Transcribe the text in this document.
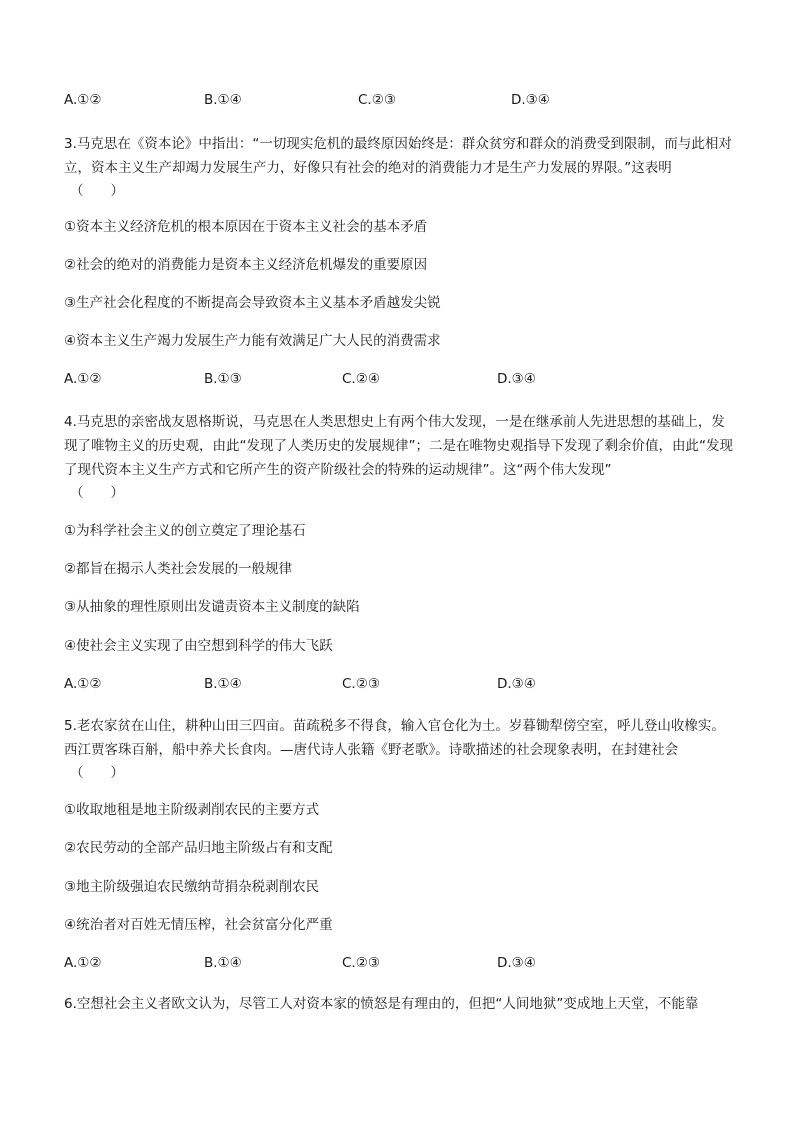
A.①②	B.①④	C.②③	D.③④

3.马克思在《资本论》中指出：“一切现实危机的最终原因始终是：群众贫穷和群众的消费受到限制，而与此相对立，资本主义生产却竭力发展生产力，好像只有社会的绝对的消费能力才是生产力发展的界限。”这表明

（　　）
①资本主义经济危机的根本原因在于资本主义社会的基本矛盾
②社会的绝对的消费能力是资本主义经济危机爆发的重要原因
③生产社会化程度的不断提高会导致资本主义基本矛盾越发尖锐
④资本主义生产竭力发展生产力能有效满足广大人民的消费需求
A.①②	B.①③	C.②④	D.③④

4.马克思的亲密战友恩格斯说，马克思在人类思想史上有两个伟大发现，一是在继承前人先进思想的基础上，发现了唯物主义的历史观，由此“发现了人类历史的发展规律”；二是在唯物史观指导下发现了剩余价值，由此“发现了现代资本主义生产方式和它所产生的资产阶级社会的特殊的运动规律”。这“两个伟大发现”

（　　）
①为科学社会主义的创立奠定了理论基石
②都旨在揭示人类社会发展的一般规律
③从抽象的理性原则出发谴责资本主义制度的缺陷
④使社会主义实现了由空想到科学的伟大飞跃
A.①②	B.①④	C.②③	D.③④

5.老农家贫在山住，耕种山田三四亩。苗疏税多不得食，输入官仓化为土。岁暮锄犁傍空室，呼儿登山收橡实。西江贾客珠百斛，船中养犬长食肉。—唐代诗人张籍《野老歌》。诗歌描述的社会现象表明，在封建社会

（　　）
①收取地租是地主阶级剥削农民的主要方式
②农民劳动的全部产品归地主阶级占有和支配
③地主阶级强迫农民缴纳苛捐杂税剥削农民
④统治者对百姓无情压榨，社会贫富分化严重
A.①②	B.①④	C.②③	D.③④

6.空想社会主义者欧文认为，尽管工人对资本家的愤怒是有理由的，但把“人间地狱”变成地上天堂，不能靠
